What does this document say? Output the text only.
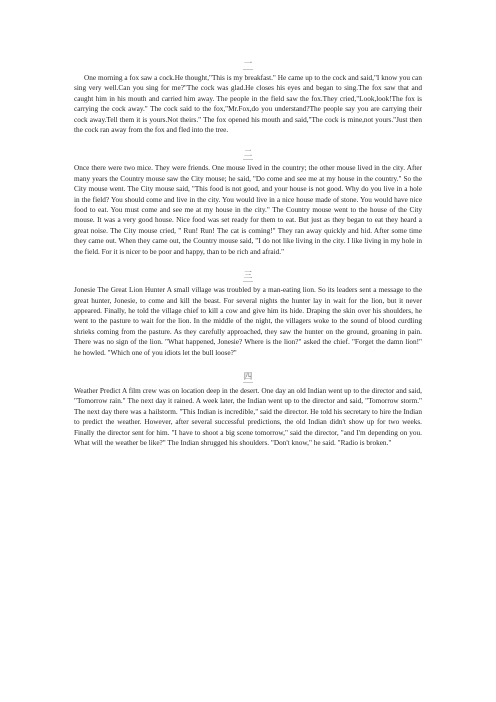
一

One morning a fox saw a cock.He thought,"This is my breakfast." He came up to the cock and said,"I know you can sing very well.Can you sing for me?"The cock was glad.He closes his eyes and began to sing.The fox saw that and caught him in his mouth and carried him away. The people in the field saw the fox.They cried,"Look,look!The fox is carrying the cock away." The cock said to the fox,"Mr.Fox,do you understand?The people say you are carrying their cock away.Tell them it is yours.Not theirs." The fox opened his mouth and said,"The cock is mine,not yours."Just then the cock ran away from the fox and fled into the tree.

二

Once there were two mice. They were friends. One mouse lived in the country; the other mouse lived in the city. After many years the Country mouse saw the City mouse; he said, "Do come and see me at my house in the country." So the City mouse went. The City mouse said, "This food is not good, and your house is not good. Why do you live in a hole in the field? You should come and live in the city. You would live in a nice house made of stone. You would have nice food to eat. You must come and see me at my house in the city." The Country mouse went to the house of the City mouse. It was a very good house. Nice food was set ready for them to eat. But just as they began to eat they heard a great noise. The City mouse cried, " Run! Run! The cat is coming!" They ran away quickly and hid. After some time they came out. When they came out, the Country mouse said, "I do not like living in the city. I like living in my hole in the field. For it is nicer to be poor and happy, than to be rich and afraid."

三

Jonesie The Great Lion Hunter A small village was troubled by a man-eating lion. So its leaders sent a message to the great hunter, Jonesie, to come and kill the beast. For several nights the hunter lay in wait for the lion, but it never appeared. Finally, he told the village chief to kill a cow and give him its hide. Draping the skin over his shoulders, he went to the pasture to wait for the lion. In the middle of the night, the villagers woke to the sound of blood curdling shrieks coming from the pasture. As they carefully approached, they saw the hunter on the ground, groaning in pain. There was no sign of the lion. "What happened, Jonesie? Where is the lion?" asked the chief. "Forget the damn lion!" he howled. "Which one of you idiots let the bull loose?"

四

Weather Predict A film crew was on location deep in the desert. One day an old Indian went up to the director and said, "Tomorrow rain." The next day it rained. A week later, the Indian went up to the director and said, "Tomorrow storm." The next day there was a hailstorm. "This Indian is incredible," said the director. He told his secretary to hire the Indian to predict the weather. However, after several successful predictions, the old Indian didn't show up for two weeks. Finally the director sent for him. "I have to shoot a big scene tomorrow," said the director, "and I'm depending on you. What will the weather be like?" The Indian shrugged his shoulders. "Don't know," he said. "Radio is broken."
